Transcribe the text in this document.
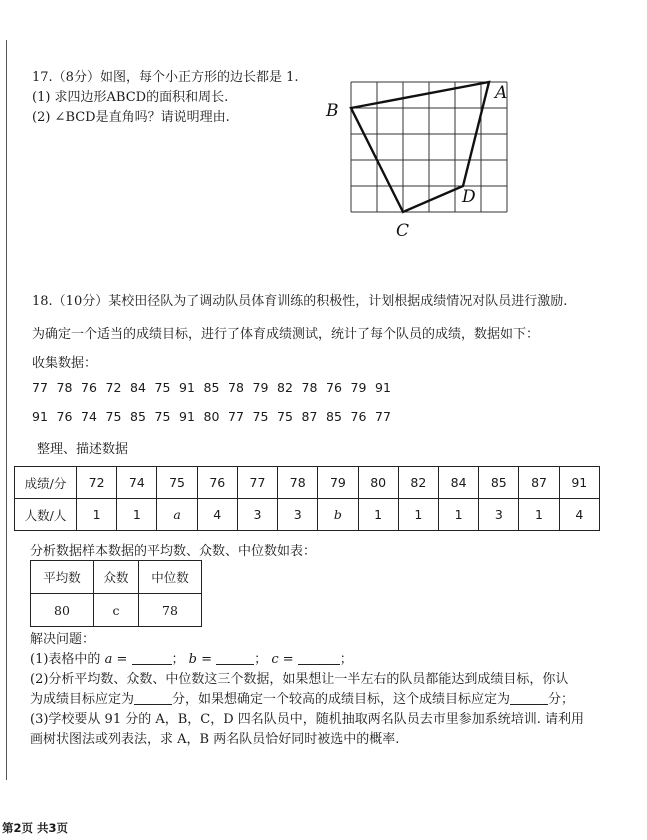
17.（8分）如图，每个小正方形的边长都是 1.
(1) 求四边形ABCD的面积和周长.
(2) ∠BCD是直角吗？请说明理由.	B
A
D
C
18.（10分）某校田径队为了调动队员体育训练的积极性，计划根据成绩情况对队员进行激励.
为确定一个适当的成绩目标，进行了体育成绩测试，统计了每个队员的成绩，数据如下：
收集数据：
77 78 76 72 84 75 91 85 78 79 82 78 76 79 91
91 76 74 75 85 75 91 80 77 75 75 87 85 76 77
整理、描述数据
成绩/分	72	74	75	76	77	78	79	80	82	84	85	87	91
人数/人	1	1	a	4	3	3	b	1	1	1	3	1	4
分析数据样本数据的平均数、众数、中位数如表：
平均数	众数	中位数
80	c	78
解决问题：
(1)表格中的 a =	； b =	； c =	；
(2)分析平均数、众数、中位数这三个数据，如果想让一半左右的队员都能达到成绩目标，你认
为成绩目标应定为	分，如果想确定一个较高的成绩目标，这个成绩目标应定为	分；
(3)学校要从 91 分的 A，B，C，D 四名队员中，随机抽取两名队员去市里参加系统培训. 请利用
画树状图法或列表法，求 A，B 两名队员恰好同时被选中的概率.
第2页 共3页
